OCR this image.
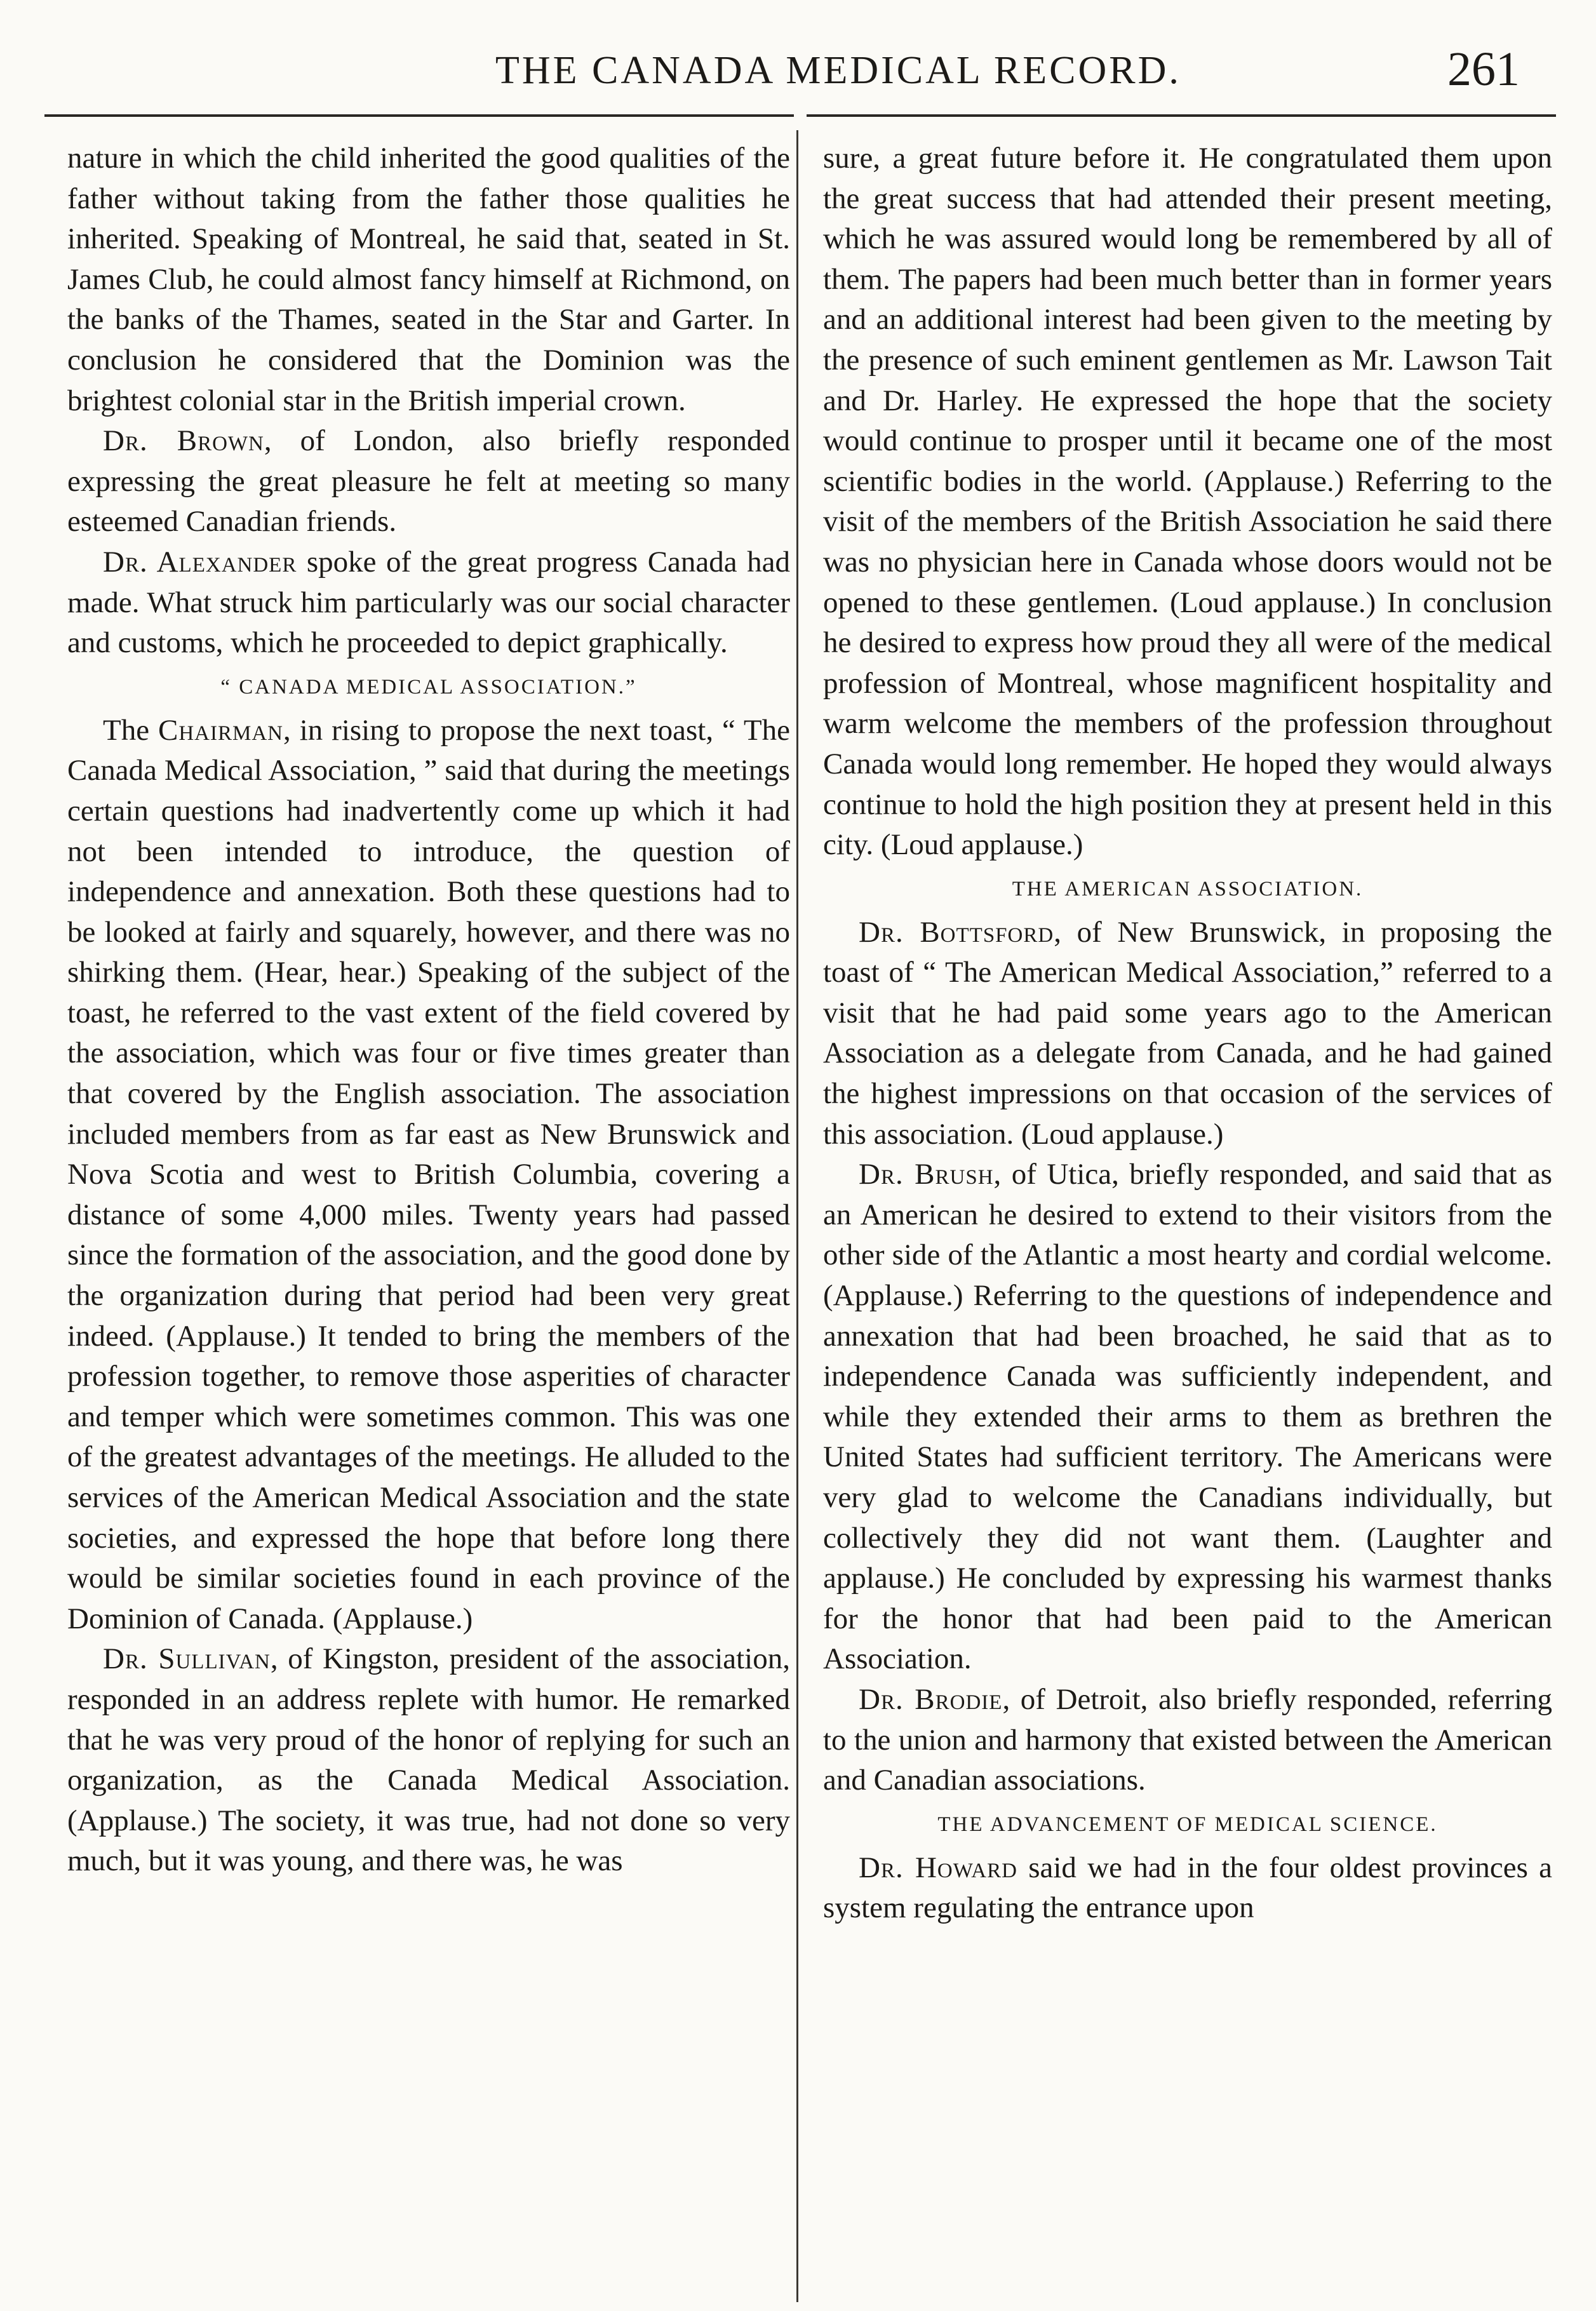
THE CANADA MEDICAL RECORD.	261

nature in which the child inherited the good qualities of the father without taking from the father those qualities he inherited. Speaking of Montreal, he said that, seated in St. James Club, he could almost fancy himself at Richmond, on the banks of the Thames, seated in the Star and Garter. In conclusion he considered that the Dominion was the brightest colonial star in the British imperial crown.

Dr. Brown, of London, also briefly responded expressing the great pleasure he felt at meeting so many esteemed Canadian friends.

Dr. Alexander spoke of the great progress Canada had made. What struck him particularly was our social character and customs, which he proceeded to depict graphically.

“ CANADA MEDICAL ASSOCIATION.”

The Chairman, in rising to propose the next toast, “ The Canada Medical Association, ” said that during the meetings certain questions had inadvertently come up which it had not been intended to introduce, the question of independence and annexation. Both these questions had to be looked at fairly and squarely, however, and there was no shirking them. (Hear, hear.) Speaking of the subject of the toast, he referred to the vast extent of the field covered by the association, which was four or five times greater than that covered by the English association. The association included members from as far east as New Brunswick and Nova Scotia and west to British Columbia, covering a distance of some 4,000 miles. Twenty years had passed since the formation of the association, and the good done by the organization during that period had been very great indeed. (Applause.) It tended to bring the members of the profession together, to remove those asperities of character and temper which were sometimes common. This was one of the greatest advantages of the meetings. He alluded to the services of the American Medical Association and the state societies, and expressed the hope that before long there would be similar societies found in each province of the Dominion of Canada. (Applause.)

Dr. Sullivan, of Kingston, president of the association, responded in an address replete with humor. He remarked that he was very proud of the honor of replying for such an organization, as the Canada Medical Association. (Applause.) The society, it was true, had not done so very much, but it was young, and there was, he was

sure, a great future before it. He congratulated them upon the great success that had attended their present meeting, which he was assured would long be remembered by all of them. The papers had been much better than in former years and an additional interest had been given to the meeting by the presence of such eminent gentlemen as Mr. Lawson Tait and Dr. Harley. He expressed the hope that the society would continue to prosper until it became one of the most scientific bodies in the world. (Applause.) Referring to the visit of the members of the British Association he said there was no physician here in Canada whose doors would not be opened to these gentlemen. (Loud applause.) In conclusion he desired to express how proud they all were of the medical profession of Montreal, whose magnificent hospitality and warm welcome the members of the profession throughout Canada would long remember. He hoped they would always continue to hold the high position they at present held in this city. (Loud applause.)

THE AMERICAN ASSOCIATION.

Dr. Bottsford, of New Brunswick, in proposing the toast of “ The American Medical Association,” referred to a visit that he had paid some years ago to the American Association as a delegate from Canada, and he had gained the highest impressions on that occasion of the services of this association. (Loud applause.)

Dr. Brush, of Utica, briefly responded, and said that as an American he desired to extend to their visitors from the other side of the Atlantic a most hearty and cordial welcome. (Applause.) Referring to the questions of independence and annexation that had been broached, he said that as to independence Canada was sufficiently independent, and while they extended their arms to them as brethren the United States had sufficient territory. The Americans were very glad to welcome the Canadians individually, but collectively they did not want them. (Laughter and applause.) He concluded by expressing his warmest thanks for the honor that had been paid to the American Association.

Dr. Brodie, of Detroit, also briefly responded, referring to the union and harmony that existed between the American and Canadian associations.

THE ADVANCEMENT OF MEDICAL SCIENCE.

Dr. Howard said we had in the four oldest provinces a system regulating the entrance upon
